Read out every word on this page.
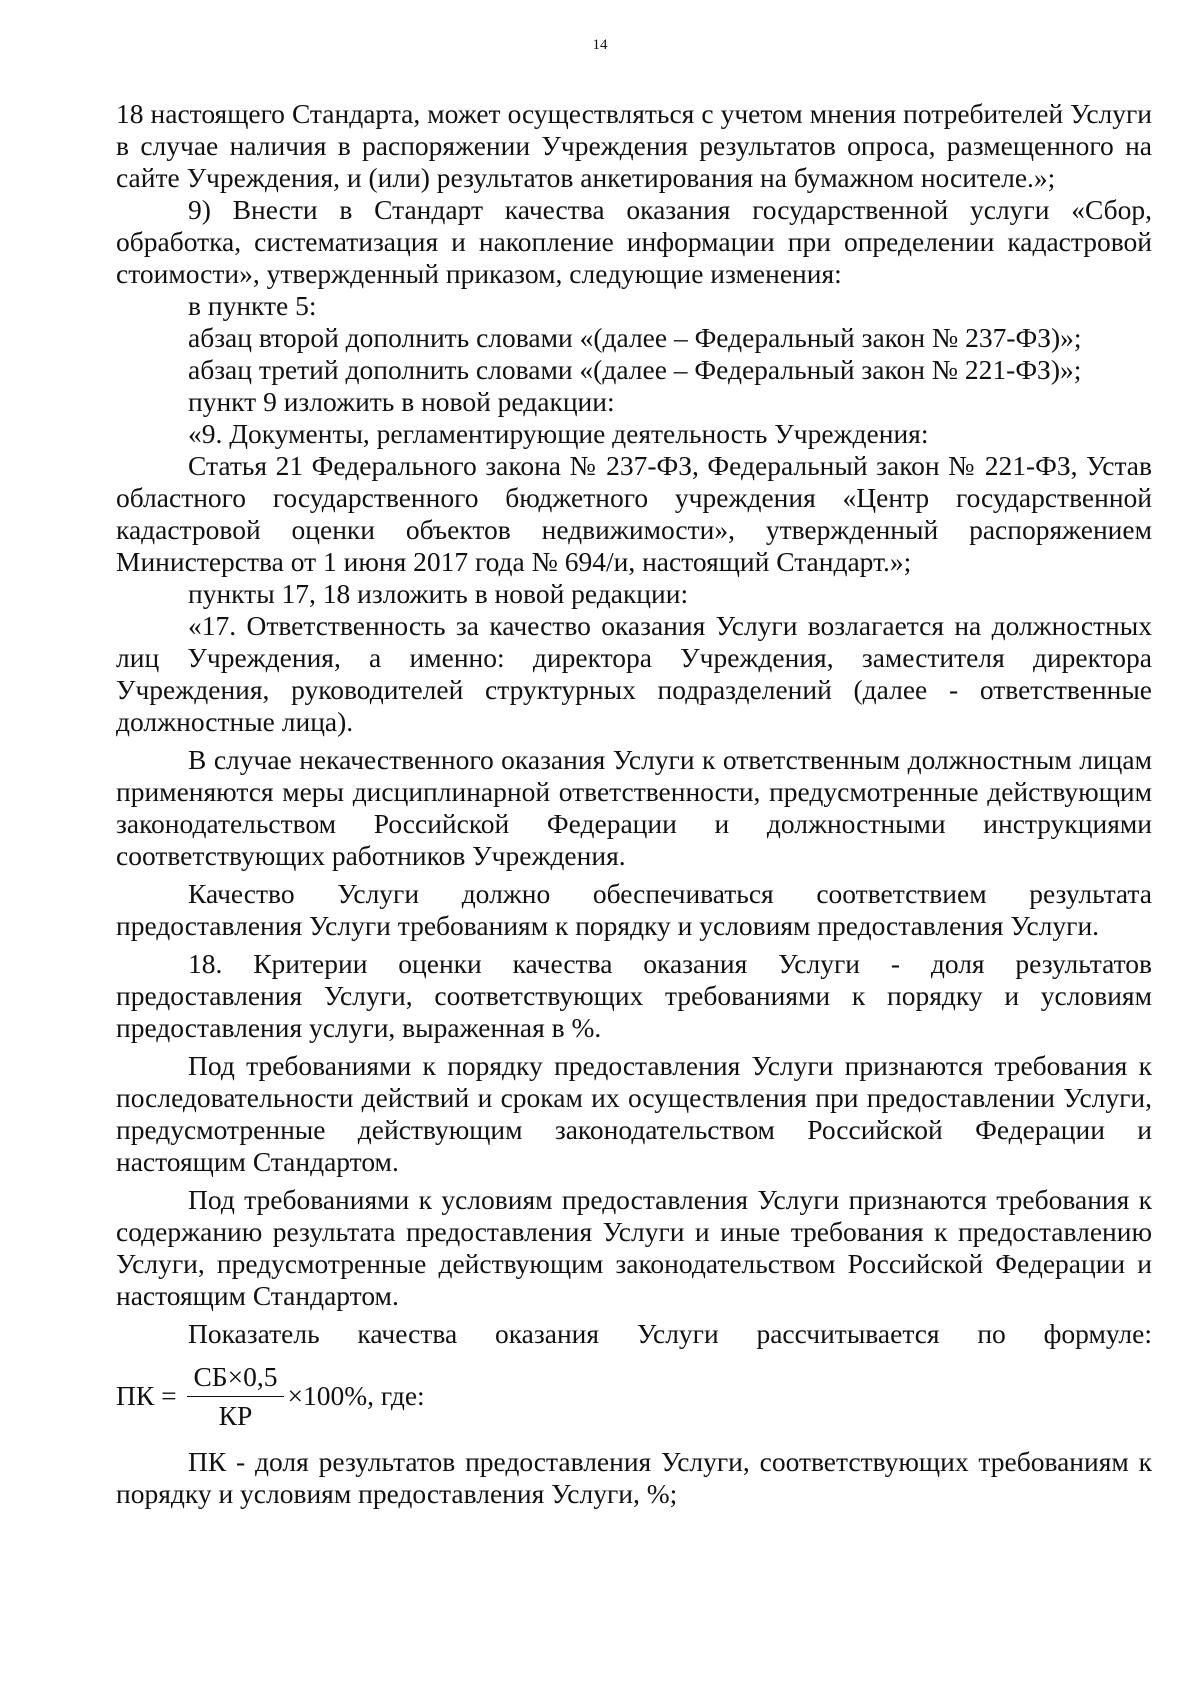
14

18 настоящего Стандарта, может осуществляться с учетом мнения потребителей Услуги в случае наличия в распоряжении Учреждения результатов опроса, размещенного на сайте Учреждения, и (или) результатов анкетирования на бумажном носителе.»;

9) Внести в Стандарт качества оказания государственной услуги «Сбор, обработка, систематизация и накопление информации при определении кадастровой стоимости», утвержденный приказом, следующие изменения:

в пункте 5:

абзац второй дополнить словами «(далее – Федеральный закон № 237-ФЗ)»;

абзац третий дополнить словами «(далее – Федеральный закон № 221-ФЗ)»;

пункт 9 изложить в новой редакции:

«9. Документы, регламентирующие деятельность Учреждения:

Статья 21 Федерального закона № 237-ФЗ, Федеральный закон № 221-ФЗ, Устав областного государственного бюджетного учреждения «Центр государственной кадастровой оценки объектов недвижимости», утвержденный распоряжением Министерства от 1 июня 2017 года № 694/и, настоящий Стандарт.»;

пункты 17, 18 изложить в новой редакции:

«17. Ответственность за качество оказания Услуги возлагается на должностных лиц Учреждения, а именно: директора Учреждения, заместителя директора Учреждения, руководителей структурных подразделений (далее - ответственные должностные лица).

В случае некачественного оказания Услуги к ответственным должностным лицам применяются меры дисциплинарной ответственности, предусмотренные действующим законодательством Российской Федерации и должностными инструкциями соответствующих работников Учреждения.

Качество Услуги должно обеспечиваться соответствием результата предоставления Услуги требованиям к порядку и условиям предоставления Услуги.

18. Критерии оценки качества оказания Услуги - доля результатов предоставления Услуги, соответствующих требованиями к порядку и условиям предоставления услуги, выраженная в %.

Под требованиями к порядку предоставления Услуги признаются требования к последовательности действий и срокам их осуществления при предоставлении Услуги, предусмотренные действующим законодательством Российской Федерации и настоящим Стандартом.

Под требованиями к условиям предоставления Услуги признаются требования к содержанию результата предоставления Услуги и иные требования к предоставлению Услуги, предусмотренные действующим законодательством Российской Федерации и настоящим Стандартом.

Показатель качества оказания Услуги рассчитывается по формуле:

ПК = $\frac{СБ\times 0,5}{КР} \times 100\%$, где:

ПК - доля результатов предоставления Услуги, соответствующих требованиям к порядку и условиям предоставления Услуги, %;
